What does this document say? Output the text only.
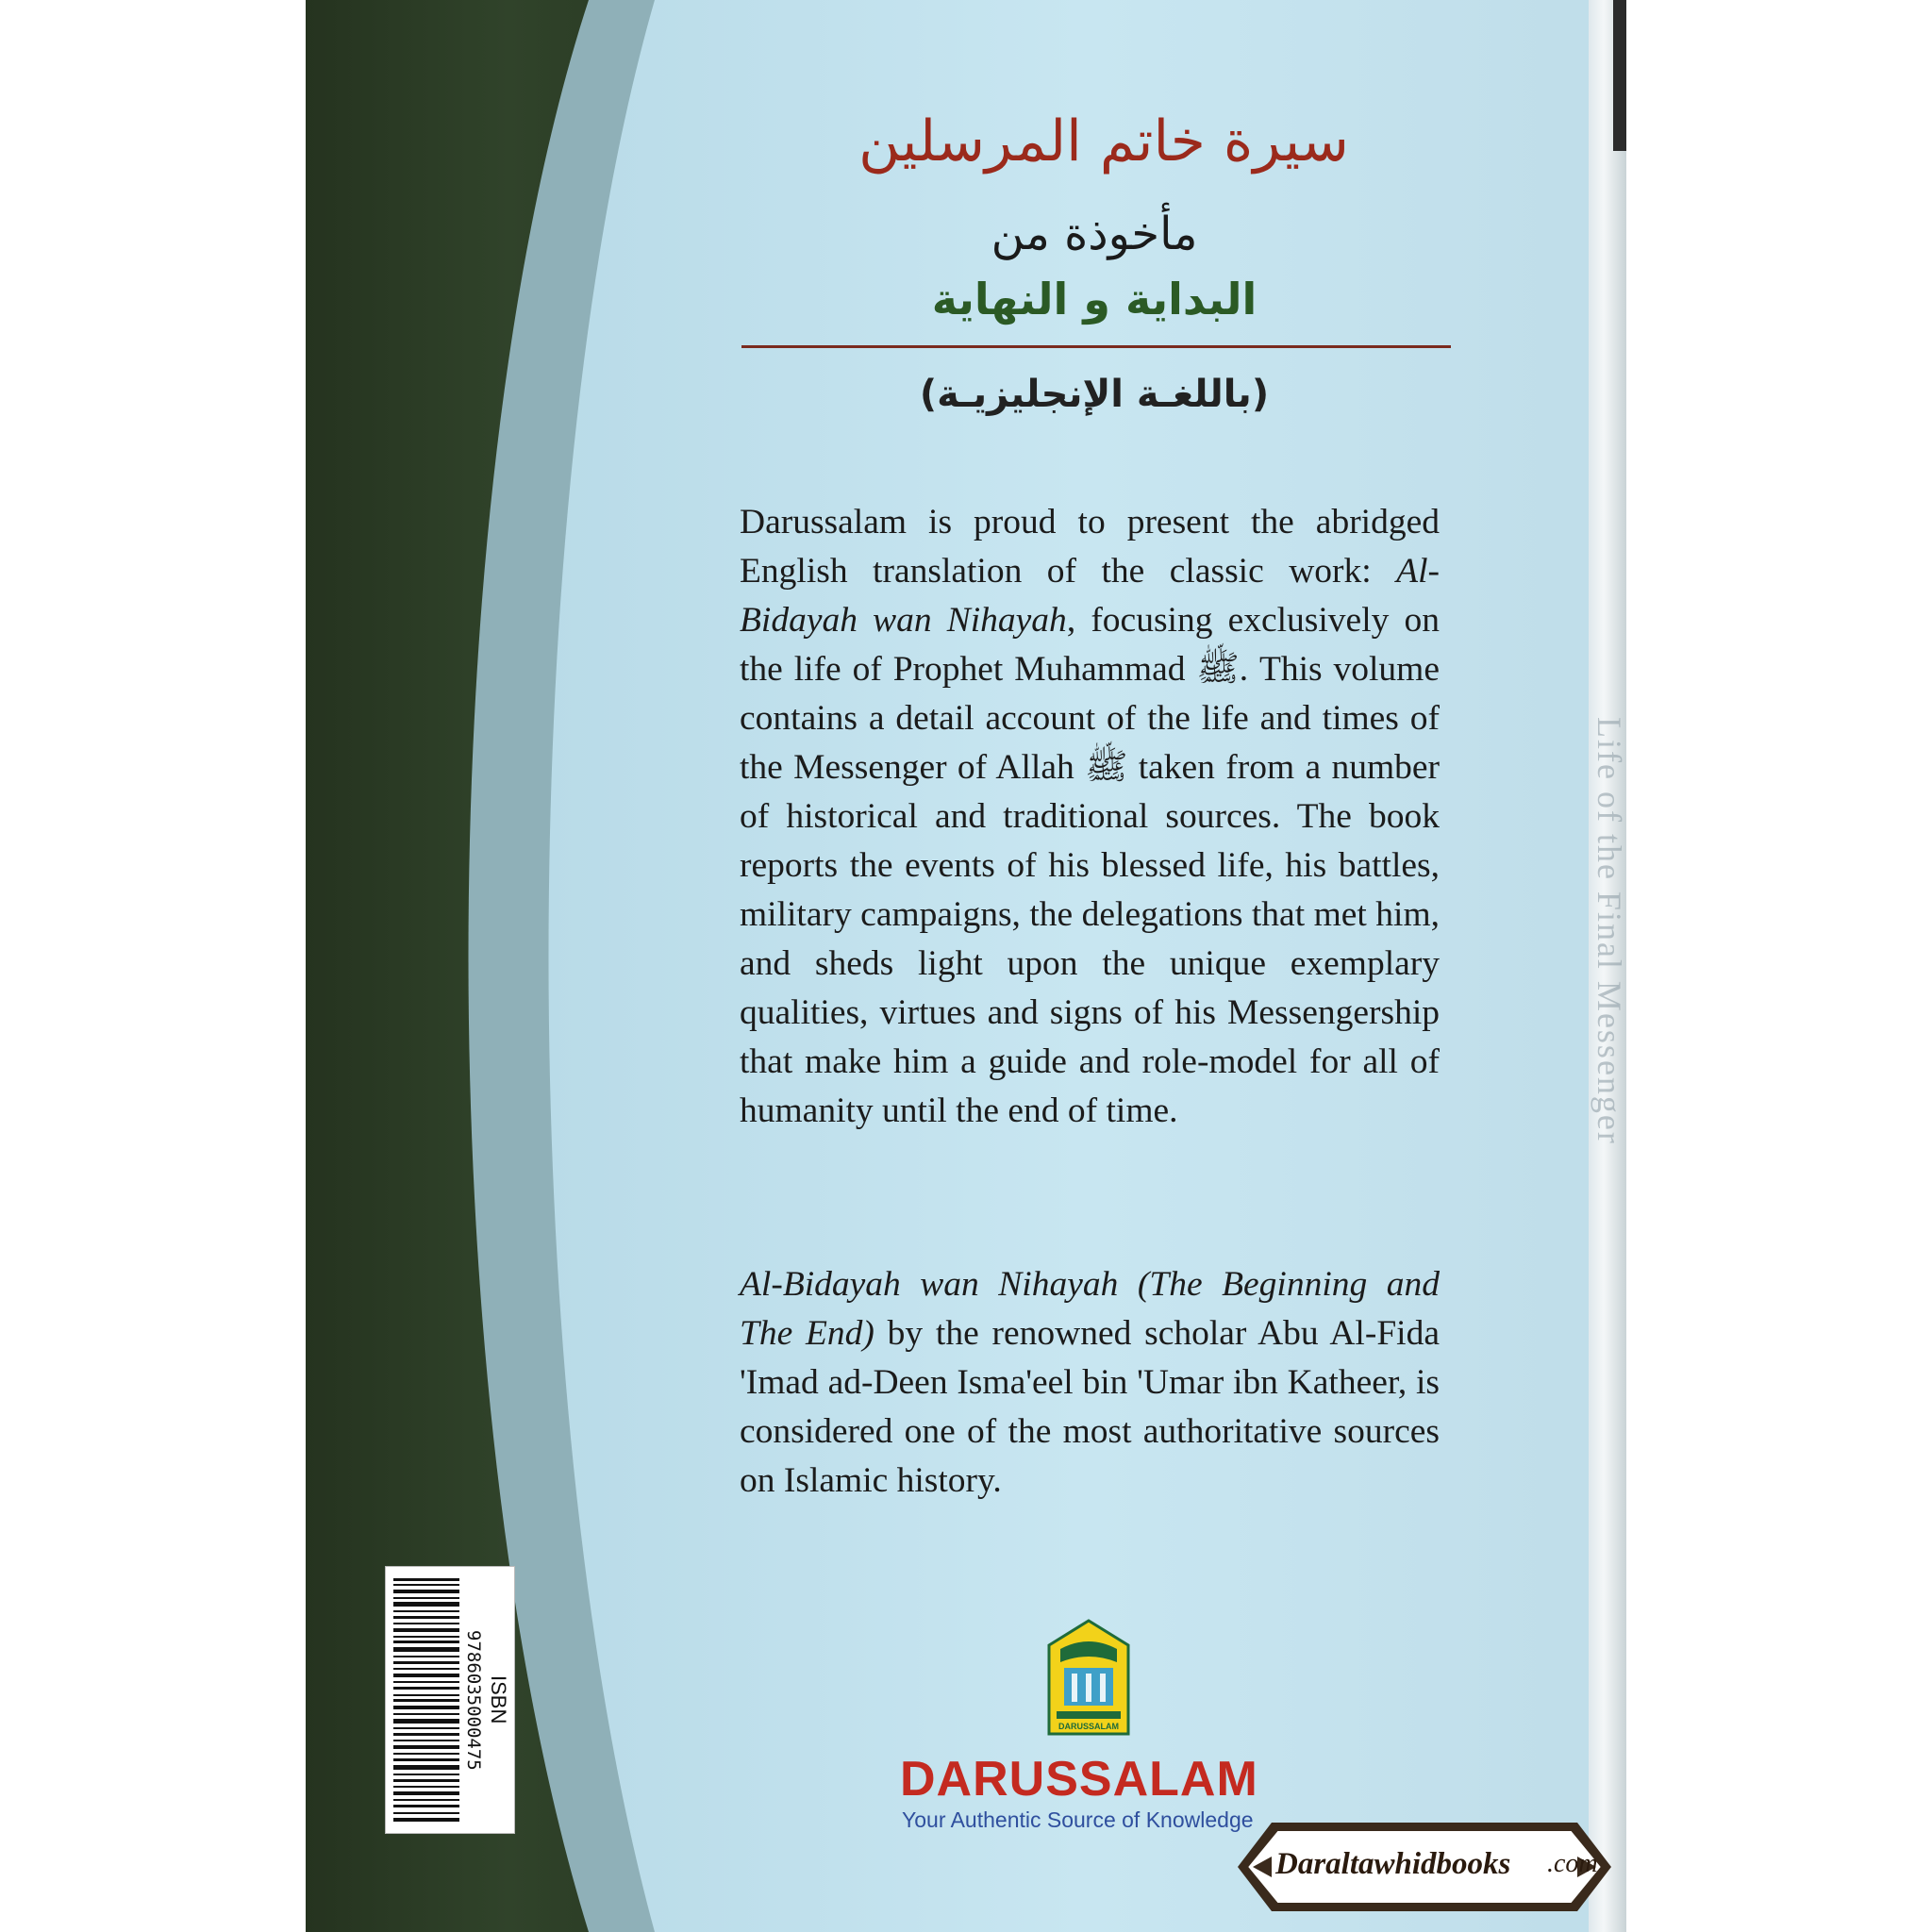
Life of the Final Messenger
سيرة خاتم المرسلين
مأخوذة من
البداية و النهاية
(باللغـة الإنجليزيـة)
Darussalam is proud to present the abridged English translation of the classic work: Al-Bidayah wan Nihayah, focusing exclusively on the life of Prophet Muhammad ﷺ. This volume contains a detail account of the life and times of the Messenger of Allah ﷺ taken from a number of historical and traditional sources. The book reports the events of his blessed life, his battles, military campaigns, the delegations that met him, and sheds light upon the unique exemplary qualities, virtues and signs of his Messengership that make him a guide and role-model for all of humanity until the end of time.
Al-Bidayah wan Nihayah (The Beginning and The End) by the renowned scholar Abu Al-Fida 'Imad ad-Deen Isma'eel bin 'Umar ibn Katheer, is considered one of the most authoritative sources on Islamic history.
9786035000475 ISBN
DARUSSALAM
DARUSSALAM
Your Authentic Source of Knowledge
Daraltawhidbooks .com
